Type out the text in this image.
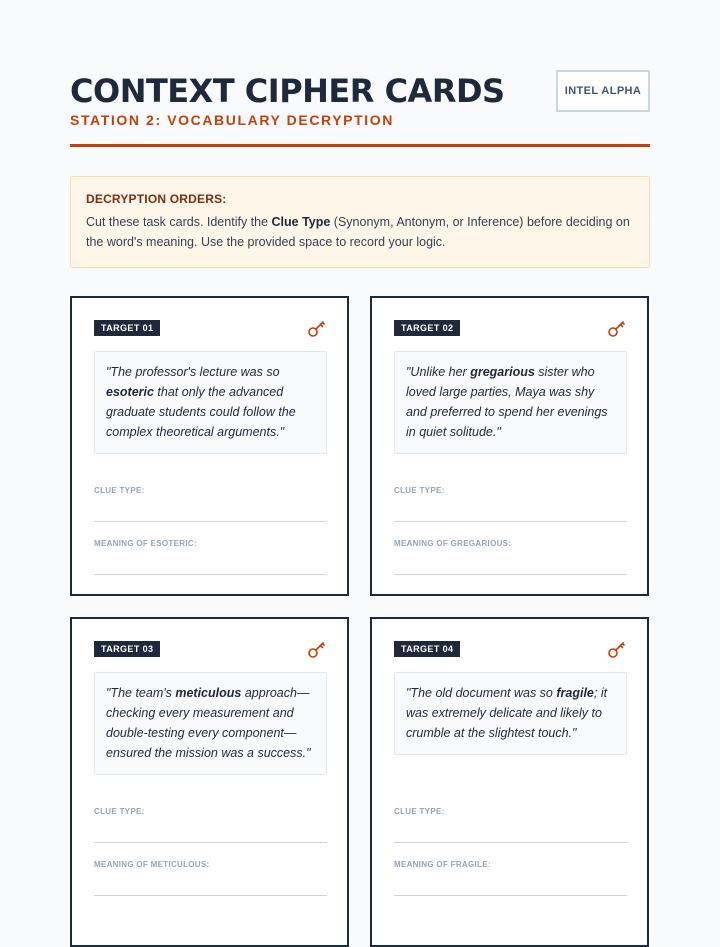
CONTEXT CIPHER CARDS
STATION 2: VOCABULARY DECRYPTION
INTEL ALPHA
DECRYPTION ORDERS:
Cut these task cards. Identify the Clue Type (Synonym, Antonym, or Inference) before deciding on the word's meaning. Use the provided space to record your logic.
TARGET 01
"The professor's lecture was so esoteric that only the advanced graduate students could follow the complex theoretical arguments."
CLUE TYPE:
MEANING OF ESOTERIC:
TARGET 02
"Unlike her gregarious sister who loved large parties, Maya was shy and preferred to spend her evenings in quiet solitude."
CLUE TYPE:
MEANING OF GREGARIOUS:
TARGET 03
"The team's meticulous approach—checking every measurement and double-testing every component—ensured the mission was a success."
CLUE TYPE:
MEANING OF METICULOUS:
TARGET 04
"The old document was so fragile; it was extremely delicate and likely to crumble at the slightest touch."
CLUE TYPE:
MEANING OF FRAGILE:
